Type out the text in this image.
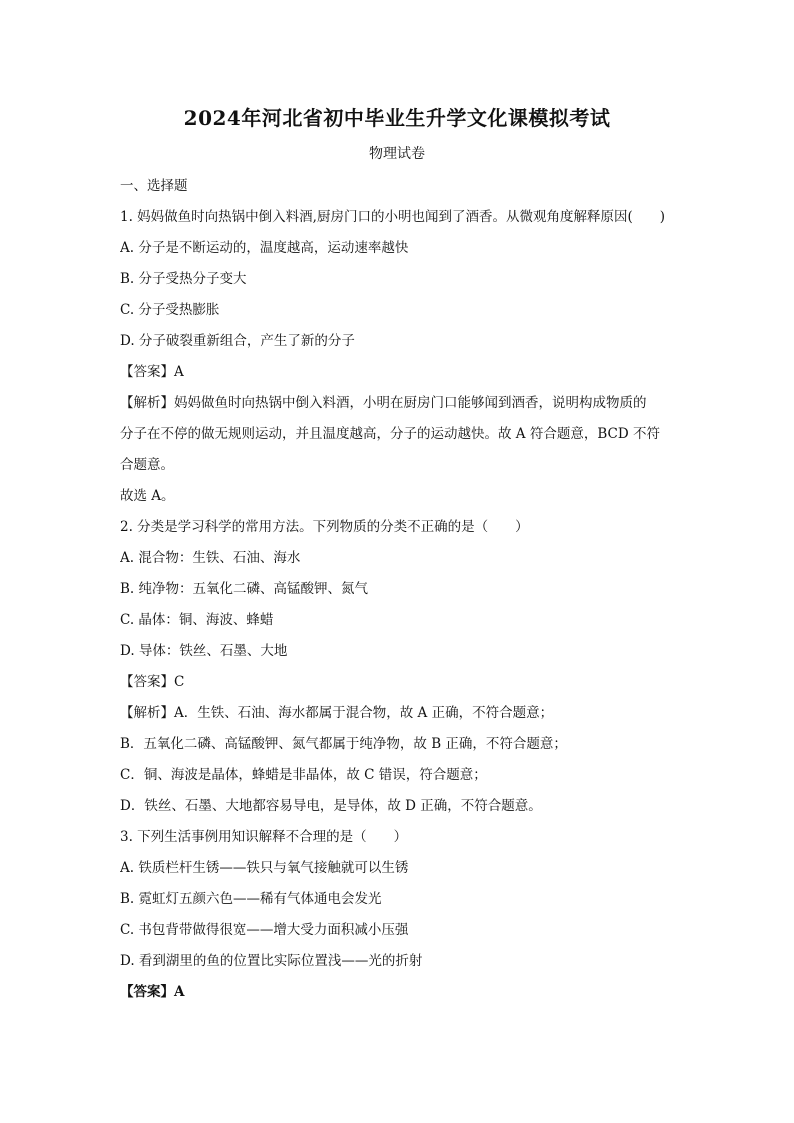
2024年河北省初中毕业生升学文化课模拟考试
物理试卷
一、选择题
1. 妈妈做鱼时向热锅中倒入料酒,厨房门口的小明也闻到了酒香。从微观角度解释原因(　　)
A. 分子是不断运动的，温度越高，运动速率越快
B. 分子受热分子变大
C. 分子受热膨胀
D. 分子破裂重新组合，产生了新的分子
【答案】A
【解析】妈妈做鱼时向热锅中倒入料酒，小明在厨房门口能够闻到酒香，说明构成物质的
分子在不停的做无规则运动，并且温度越高，分子的运动越快。故 A 符合题意，BCD 不符
合题意。
故选 A。
2. 分类是学习科学的常用方法。下列物质的分类不正确的是（　　）
A. 混合物：生铁、石油、海水
B. 纯净物：五氧化二磷、高锰酸钾、氮气
C. 晶体：铜、海波、蜂蜡
D. 导体：铁丝、石墨、大地
【答案】C
【解析】A．生铁、石油、海水都属于混合物，故 A 正确，不符合题意；
B．五氧化二磷、高锰酸钾、氮气都属于纯净物，故 B 正确，不符合题意；
C．铜、海波是晶体，蜂蜡是非晶体，故 C 错误，符合题意；
D．铁丝、石墨、大地都容易导电，是导体，故 D 正确，不符合题意。
3. 下列生活事例用知识解释不合理的是（　　）
A. 铁质栏杆生锈——铁只与氧气接触就可以生锈
B. 霓虹灯五颜六色——稀有气体通电会发光
C. 书包背带做得很宽——增大受力面积减小压强
D. 看到湖里的鱼的位置比实际位置浅——光的折射
【答案】A
